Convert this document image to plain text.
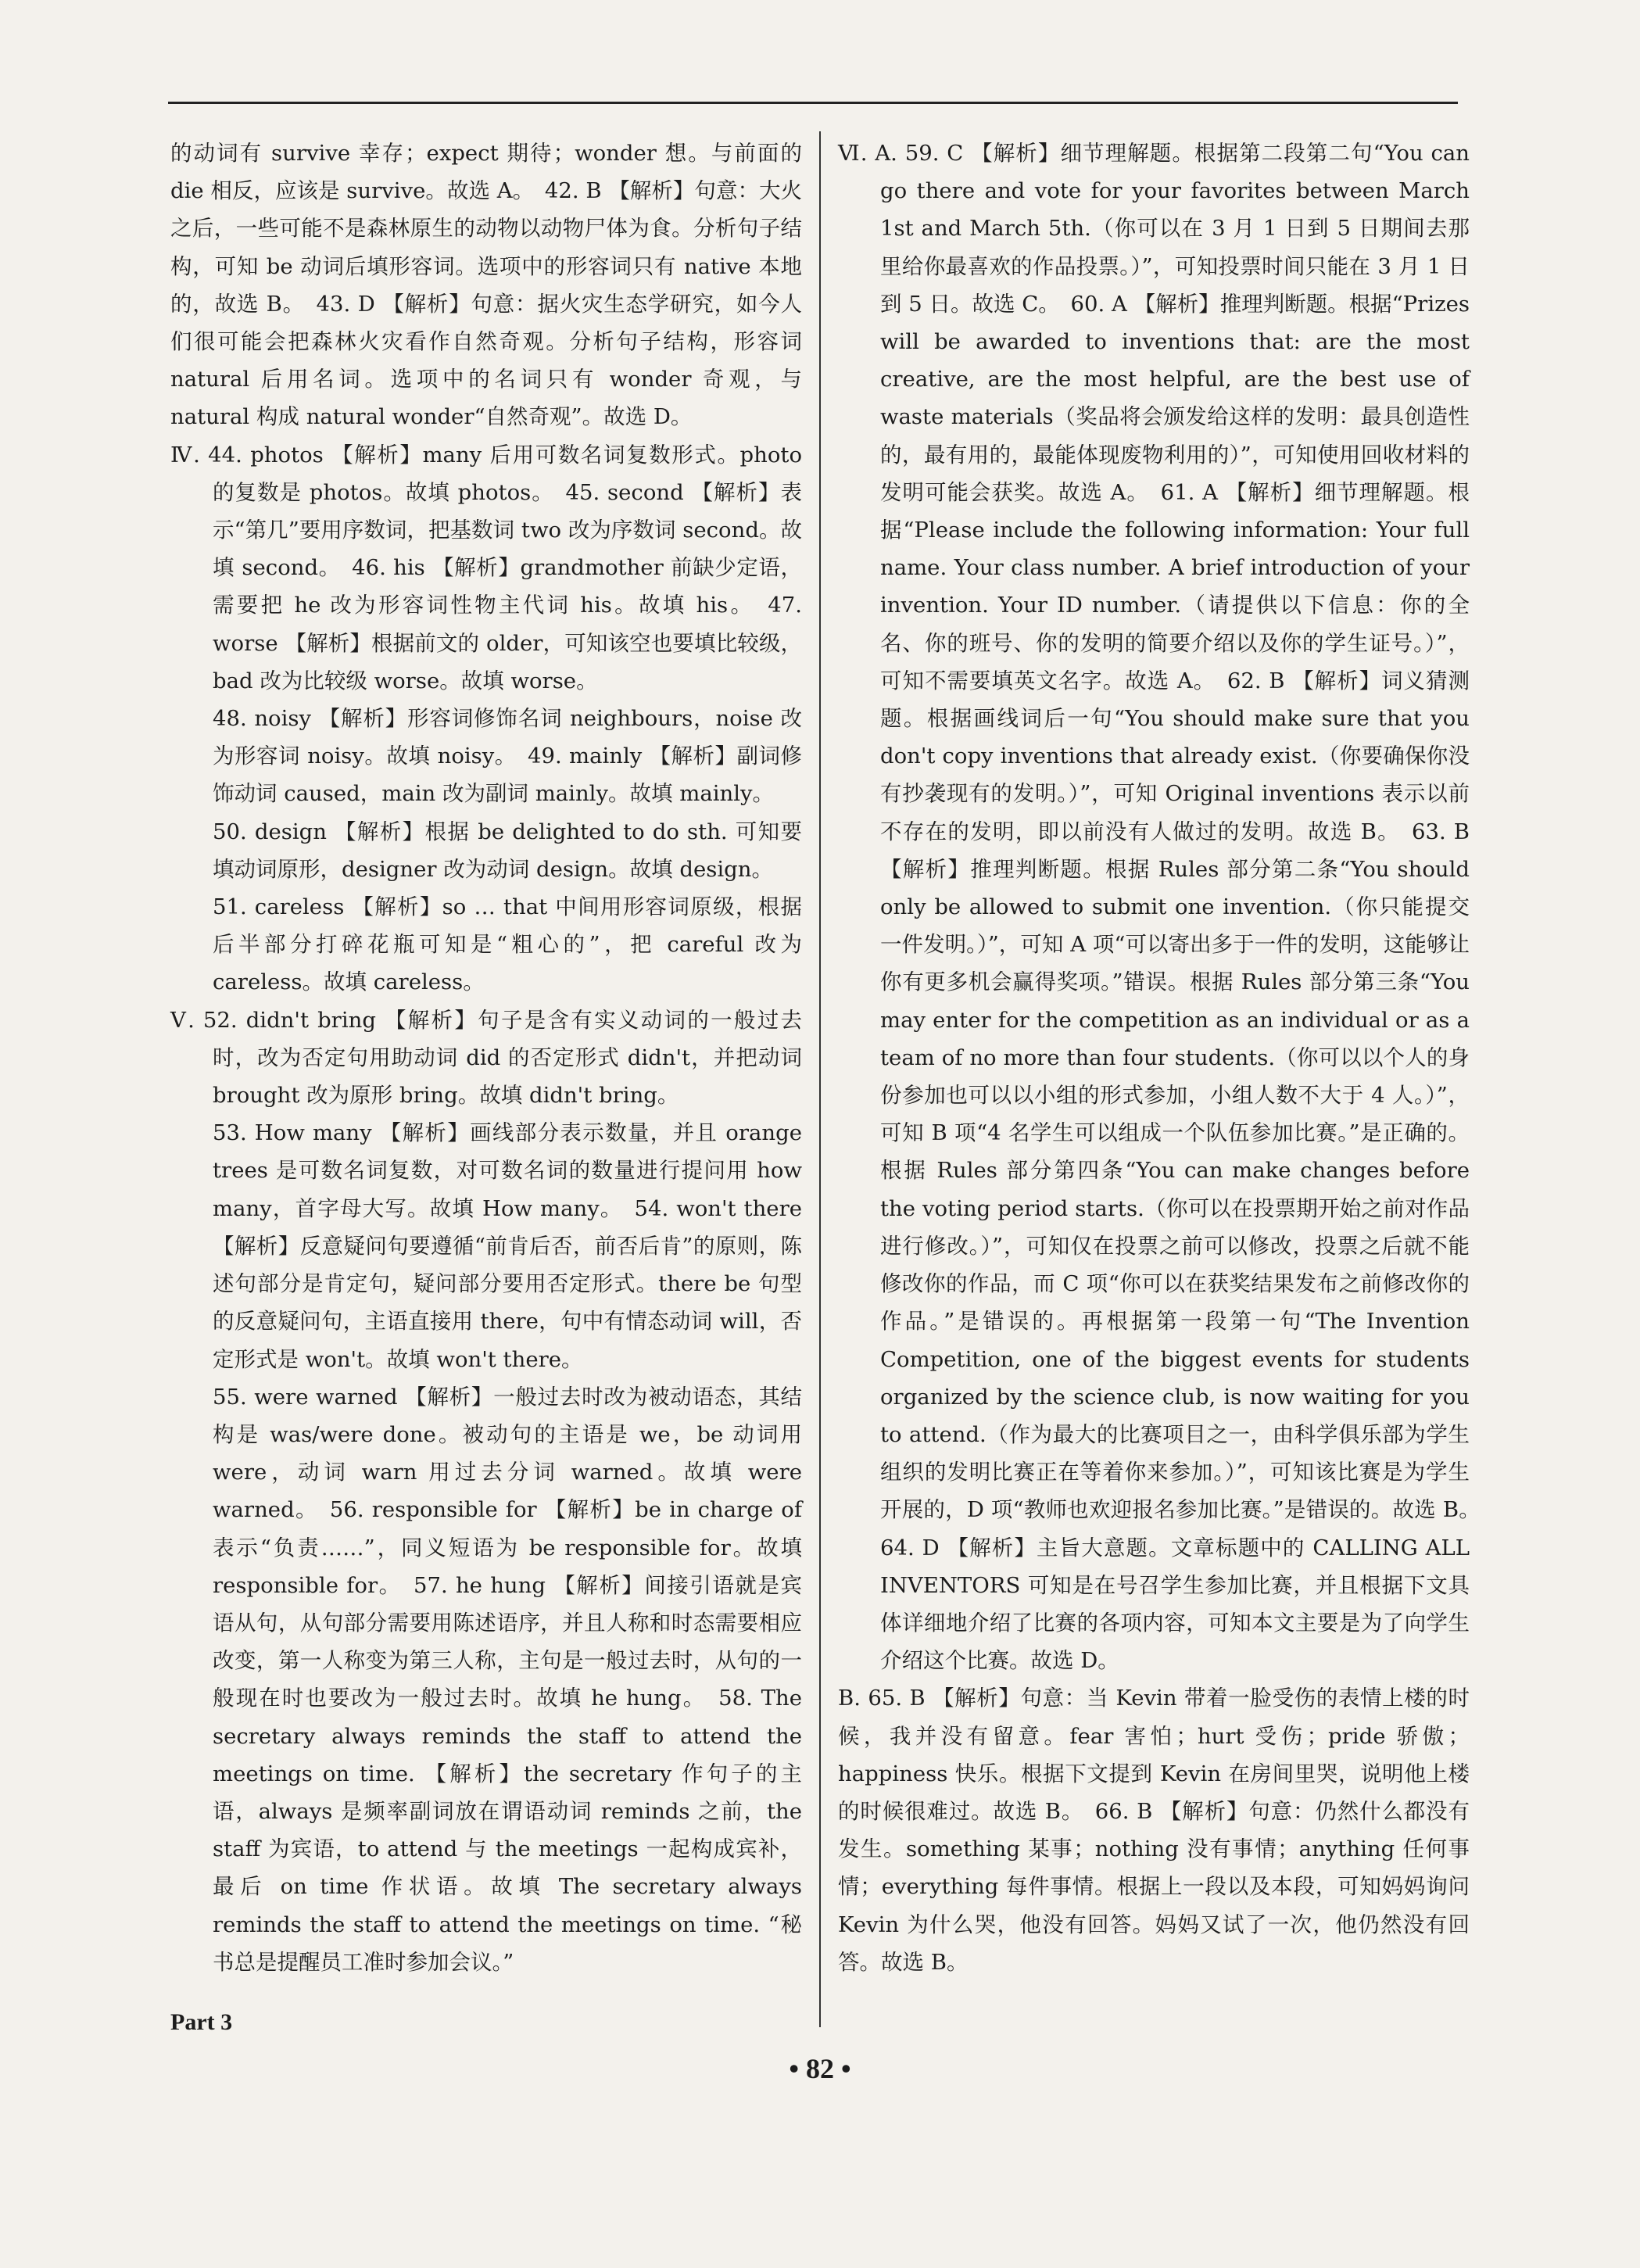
的动词有 survive 幸存；expect 期待；wonder 想。与前面的 die 相反，应该是 survive。故选 A。　42. B 【解析】句意：大火之后，一些可能不是森林原生的动物以动物尸体为食。分析句子结构，可知 be 动词后填形容词。选项中的形容词只有 native 本地的，故选 B。　43. D 【解析】句意：据火灾生态学研究，如今人们很可能会把森林火灾看作自然奇观。分析句子结构，形容词 natural 后用名词。选项中的名词只有 wonder 奇观，与 natural 构成 natural wonder“自然奇观”。故选 D。

Ⅳ. 44. photos 【解析】many 后用可数名词复数形式。photo 的复数是 photos。故填 photos。　45. second 【解析】表示“第几”要用序数词，把基数词 two 改为序数词 second。故填 second。　46. his 【解析】grandmother 前缺少定语，需要把 he 改为形容词性物主代词 his。故填 his。　47. worse 【解析】根据前文的 older，可知该空也要填比较级，bad 改为比较级 worse。故填 worse。

48. noisy 【解析】形容词修饰名词 neighbours，noise 改为形容词 noisy。故填 noisy。　49. mainly 【解析】副词修饰动词 caused，main 改为副词 mainly。故填 mainly。

50. design 【解析】根据 be delighted to do sth. 可知要填动词原形，designer 改为动词 design。故填 design。

51. careless 【解析】so … that 中间用形容词原级，根据后半部分打碎花瓶可知是“粗心的”，把 careful 改为 careless。故填 careless。

Ⅴ. 52. didn't bring 【解析】句子是含有实义动词的一般过去时，改为否定句用助动词 did 的否定形式 didn't，并把动词 brought 改为原形 bring。故填 didn't bring。

53. How many 【解析】画线部分表示数量，并且 orange trees 是可数名词复数，对可数名词的数量进行提问用 how many，首字母大写。故填 How many。　54. won't there 【解析】反意疑问句要遵循“前肯后否，前否后肯”的原则，陈述句部分是肯定句，疑问部分要用否定形式。there be 句型的反意疑问句，主语直接用 there，句中有情态动词 will，否定形式是 won't。故填 won't there。

55. were warned 【解析】一般过去时改为被动语态，其结构是 was/were done。被动句的主语是 we，be 动词用 were，动词 warn 用过去分词 warned。故填 were warned。　56. responsible for 【解析】be in charge of 表示“负责……”，同义短语为 be responsible for。故填 responsible for。　57. he hung 【解析】间接引语就是宾语从句，从句部分需要用陈述语序，并且人称和时态需要相应改变，第一人称变为第三人称，主句是一般过去时，从句的一般现在时也要改为一般过去时。故填 he hung。　58. The secretary always reminds the staff to attend the meetings on time. 【解析】the secretary 作句子的主语，always 是频率副词放在谓语动词 reminds 之前，the staff 为宾语，to attend 与 the meetings 一起构成宾补，最后 on time 作状语。故填 The secretary always reminds the staff to attend the meetings on time. “秘书总是提醒员工准时参加会议。”

Ⅵ. A. 59. C 【解析】细节理解题。根据第二段第二句“You can go there and vote for your favorites between March 1st and March 5th.（你可以在 3 月 1 日到 5 日期间去那里给你最喜欢的作品投票。）”，可知投票时间只能在 3 月 1 日到 5 日。故选 C。　60. A 【解析】推理判断题。根据“Prizes will be awarded to inventions that: are the most creative, are the most helpful, are the best use of waste materials（奖品将会颁发给这样的发明：最具创造性的，最有用的，最能体现废物利用的）”，可知使用回收材料的发明可能会获奖。故选 A。　61. A 【解析】细节理解题。根据“Please include the following information: Your full name. Your class number. A brief introduction of your invention. Your ID number.（请提供以下信息：你的全名、你的班号、你的发明的简要介绍以及你的学生证号。）”，可知不需要填英文名字。故选 A。　62. B 【解析】词义猜测题。根据画线词后一句“You should make sure that you don't copy inventions that already exist.（你要确保你没有抄袭现有的发明。）”，可知 Original inventions 表示以前不存在的发明，即以前没有人做过的发明。故选 B。　63. B 【解析】推理判断题。根据 Rules 部分第二条“You should only be allowed to submit one invention.（你只能提交一件发明。）”，可知 A 项“可以寄出多于一件的发明，这能够让你有更多机会赢得奖项。”错误。根据 Rules 部分第三条“You may enter for the competition as an individual or as a team of no more than four students.（你可以以个人的身份参加也可以以小组的形式参加，小组人数不大于 4 人。）”，可知 B 项“4 名学生可以组成一个队伍参加比赛。”是正确的。根据 Rules 部分第四条“You can make changes before the voting period starts.（你可以在投票期开始之前对作品进行修改。）”，可知仅在投票之前可以修改，投票之后就不能修改你的作品，而 C 项“你可以在获奖结果发布之前修改你的作品。”是错误的。再根据第一段第一句“The Invention Competition, one of the biggest events for students organized by the science club, is now waiting for you to attend.（作为最大的比赛项目之一，由科学俱乐部为学生组织的发明比赛正在等着你来参加。）”，可知该比赛是为学生开展的，D 项“教师也欢迎报名参加比赛。”是错误的。故选 B。　64. D 【解析】主旨大意题。文章标题中的 CALLING ALL INVENTORS 可知是在号召学生参加比赛，并且根据下文具体详细地介绍了比赛的各项内容，可知本文主要是为了向学生介绍这个比赛。故选 D。

B. 65. B 【解析】句意：当 Kevin 带着一脸受伤的表情上楼的时候，我并没有留意。fear 害怕；hurt 受伤；pride 骄傲；happiness 快乐。根据下文提到 Kevin 在房间里哭，说明他上楼的时候很难过。故选 B。　66. B 【解析】句意：仍然什么都没有发生。something 某事；nothing 没有事情；anything 任何事情；everything 每件事情。根据上一段以及本段，可知妈妈询问 Kevin 为什么哭，他没有回答。妈妈又试了一次，他仍然没有回答。故选 B。

Part 3
• 82 •
